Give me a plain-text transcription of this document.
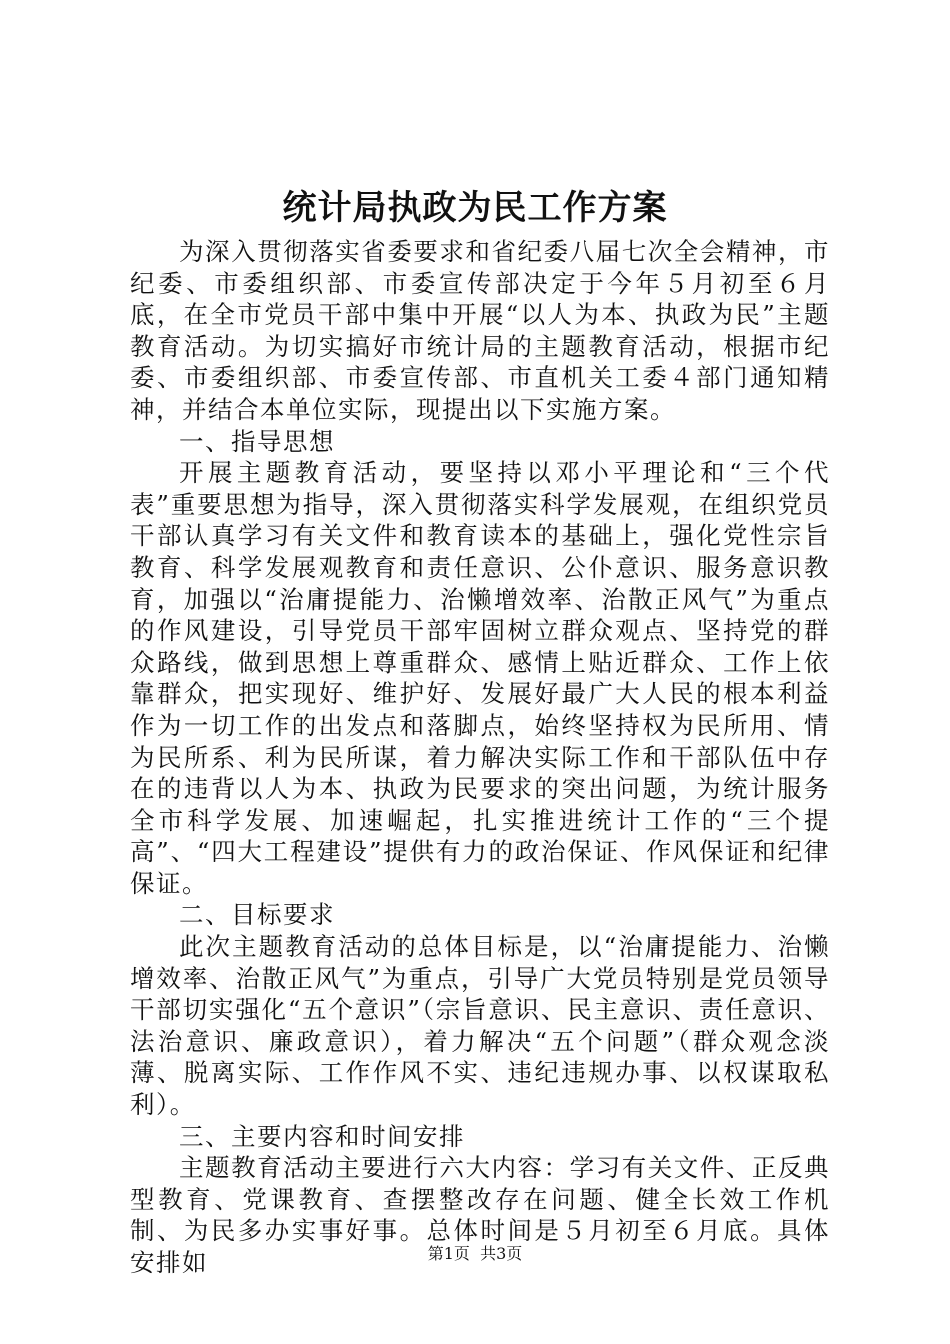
统计局执政为民工作方案

为深入贯彻落实省委要求和省纪委八届七次全会精神，市纪委、市委组织部、市委宣传部决定于今年５月初至６月底，在全市党员干部中集中开展“以人为本、执政为民”主题教育活动。为切实搞好市统计局的主题教育活动，根据市纪委、市委组织部、市委宣传部、市直机关工委４部门通知精神，并结合本单位实际，现提出以下实施方案。

一、指导思想

开展主题教育活动，要坚持以邓小平理论和“三个代表”重要思想为指导，深入贯彻落实科学发展观，在组织党员干部认真学习有关文件和教育读本的基础上，强化党性宗旨教育、科学发展观教育和责任意识、公仆意识、服务意识教育，加强以“治庸提能力、治懒增效率、治散正风气”为重点的作风建设，引导党员干部牢固树立群众观点、坚持党的群众路线，做到思想上尊重群众、感情上贴近群众、工作上依靠群众，把实现好、维护好、发展好最广大人民的根本利益作为一切工作的出发点和落脚点，始终坚持权为民所用、情为民所系、利为民所谋，着力解决实际工作和干部队伍中存在的违背以人为本、执政为民要求的突出问题，为统计服务全市科学发展、加速崛起，扎实推进统计工作的“三个提高”、“四大工程建设”提供有力的政治保证、作风保证和纪律保证。

二、目标要求

此次主题教育活动的总体目标是，以“治庸提能力、治懒增效率、治散正风气”为重点，引导广大党员特别是党员领导干部切实强化“五个意识”（宗旨意识、民主意识、责任意识、法治意识、廉政意识），着力解决“五个问题”（群众观念淡薄、脱离实际、工作作风不实、违纪违规办事、以权谋取私利）。

三、主要内容和时间安排

主题教育活动主要进行六大内容：学习有关文件、正反典型教育、党课教育、查摆整改存在问题、健全长效工作机制、为民多办实事好事。总体时间是５月初至６月底。具体安排如	第1页 共3页
